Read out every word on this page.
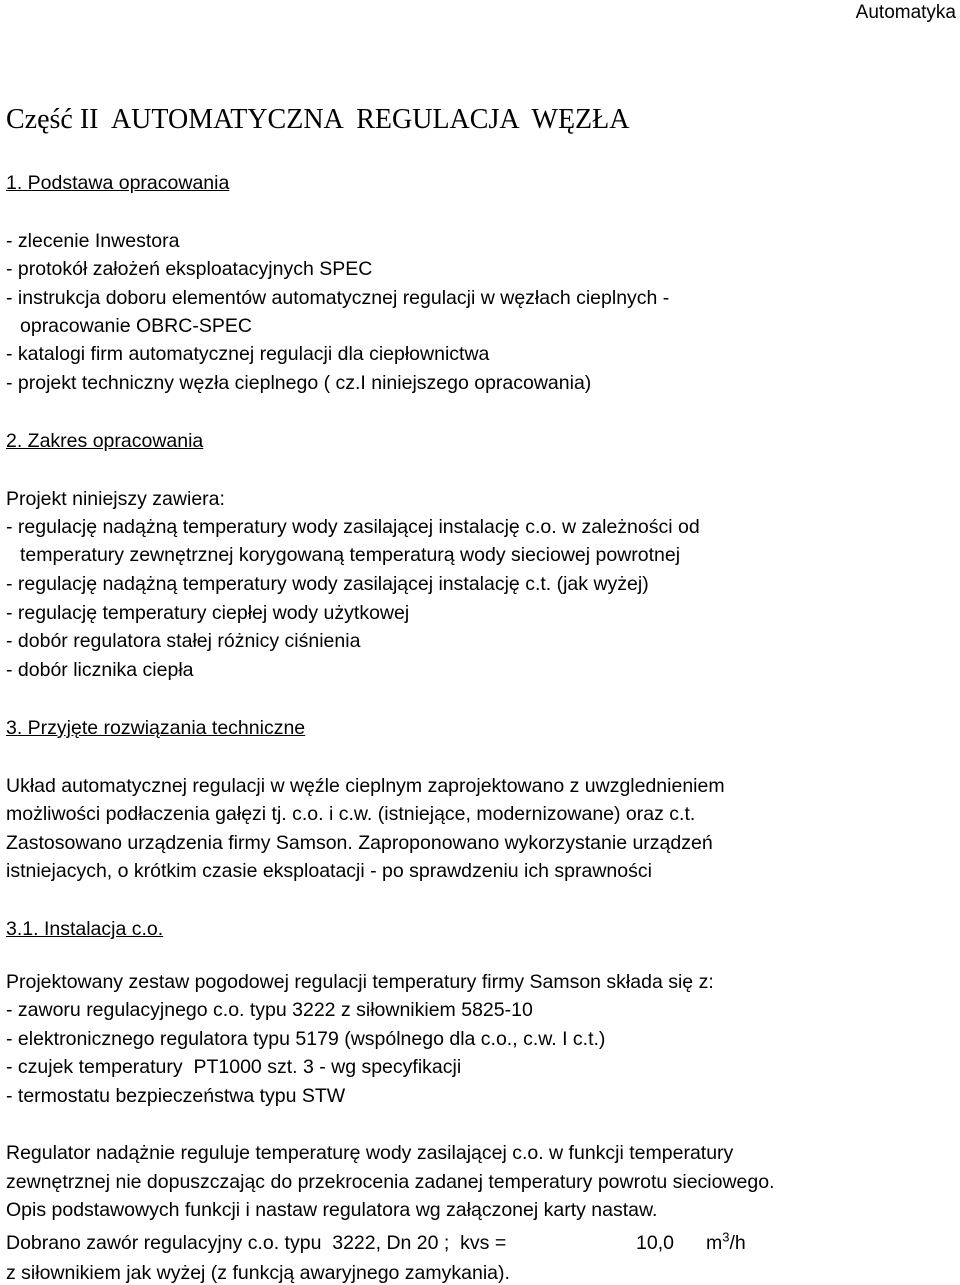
Automatyka
Część II  AUTOMATYCZNA  REGULACJA  WĘZŁA
1. Podstawa opracowania
- zlecenie Inwestora
- protokół założeń eksploatacyjnych SPEC
- instrukcja doboru elementów automatycznej regulacji w węzłach cieplnych -
opracowanie OBRC-SPEC
- katalogi firm automatycznej regulacji dla ciepłownictwa
- projekt techniczny węzła cieplnego ( cz.I niniejszego opracowania)
2. Zakres opracowania
Projekt niniejszy zawiera:
- regulację nadążną temperatury wody zasilającej instalację c.o. w zależności od
temperatury zewnętrznej korygowaną temperaturą wody sieciowej powrotnej
- regulację nadążną temperatury wody zasilającej instalację c.t. (jak wyżej)
- regulację temperatury ciepłej wody użytkowej
- dobór regulatora stałej różnicy ciśnienia
- dobór licznika ciepła
3. Przyjęte rozwiązania techniczne
Układ automatycznej regulacji w węźle cieplnym zaprojektowano z uwzglednieniem
możliwości podłaczenia gałęzi tj. c.o. i c.w. (istniejące, modernizowane) oraz c.t.
Zastosowano urządzenia firmy Samson. Zaproponowano wykorzystanie urządzeń
istniejacych, o krótkim czasie eksploatacji - po sprawdzeniu ich sprawności
3.1. Instalacja c.o.
Projektowany zestaw pogodowej regulacji temperatury firmy Samson składa się z:
- zaworu regulacyjnego c.o. typu 3222 z siłownikiem 5825-10
- elektronicznego regulatora typu 5179 (wspólnego dla c.o., c.w. I c.t.)
- czujek temperatury  PT1000 szt. 3 - wg specyfikacji
- termostatu bezpieczeństwa typu STW
Regulator nadążnie reguluje temperaturę wody zasilającej c.o. w funkcji temperatury
zewnętrznej nie dopuszczając do przekrocenia zadanej temperatury powrotu sieciowego.
Opis podstawowych funkcji i nastaw regulatora wg załączonej karty nastaw.
Dobrano zawór regulacyjny c.o. typu  3222, Dn 20 ;  kvs =	10,0 $m^3/h$
z siłownikiem jak wyżej (z funkcją awaryjnego zamykania).
